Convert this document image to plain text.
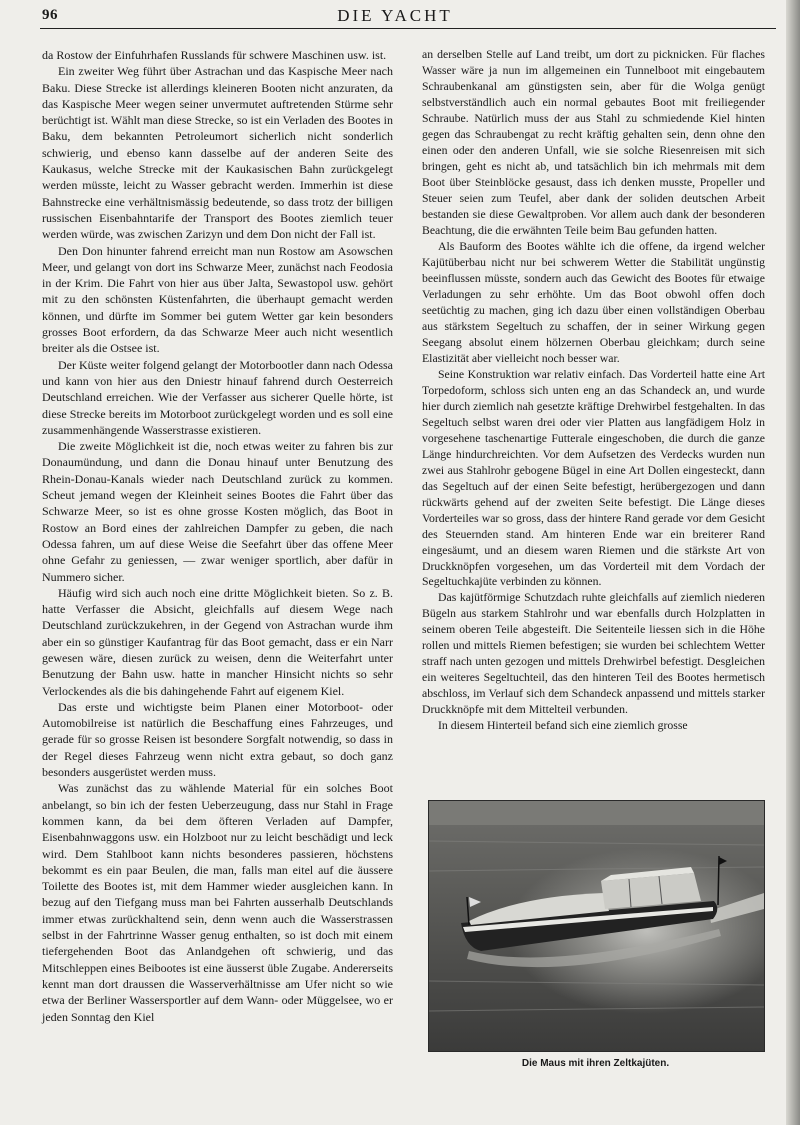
96	DIE YACHT

da Rostow der Einfuhrhafen Russlands für schwere Maschinen usw. ist.

Ein zweiter Weg führt über Astrachan und das Kaspische Meer nach Baku. Diese Strecke ist allerdings kleineren Booten nicht anzuraten, da das Kaspische Meer wegen seiner unvermutet auftretenden Stürme sehr berüchtigt ist. Wählt man diese Strecke, so ist ein Verladen des Bootes in Baku, dem bekannten Petroleumort sicherlich nicht sonderlich schwierig, und ebenso kann dasselbe auf der anderen Seite des Kaukasus, welche Strecke mit der Kaukasischen Bahn zurückgelegt werden müsste, leicht zu Wasser gebracht werden. Immerhin ist diese Bahnstrecke eine verhältnismässig bedeutende, so dass trotz der billigen russischen Eisenbahntarife der Transport des Bootes ziemlich teuer werden würde, was zwischen Zarizyn und dem Don nicht der Fall ist.

Den Don hinunter fahrend erreicht man nun Rostow am Asowschen Meer, und gelangt von dort ins Schwarze Meer, zunächst nach Feodosia in der Krim. Die Fahrt von hier aus über Jalta, Sewastopol usw. gehört mit zu den schönsten Küstenfahrten, die überhaupt gemacht werden können, und dürfte im Sommer bei gutem Wetter gar kein besonders grosses Boot erfordern, da das Schwarze Meer auch nicht wesentlich breiter als die Ostsee ist.

Der Küste weiter folgend gelangt der Motorbootler dann nach Odessa und kann von hier aus den Dniestr hinauf fahrend durch Oesterreich Deutschland erreichen. Wie der Verfasser aus sicherer Quelle hörte, ist diese Strecke bereits im Motorboot zurückgelegt worden und es soll eine zusammenhängende Wasserstrasse existieren.

Die zweite Möglichkeit ist die, noch etwas weiter zu fahren bis zur Donaumündung, und dann die Donau hinauf unter Benutzung des Rhein-Donau-Kanals wieder nach Deutschland zurück zu kommen. Scheut jemand wegen der Kleinheit seines Bootes die Fahrt über das Schwarze Meer, so ist es ohne grosse Kosten möglich, das Boot in Rostow an Bord eines der zahlreichen Dampfer zu geben, die nach Odessa fahren, um auf diese Weise die Seefahrt über das offene Meer ohne Gefahr zu geniessen, — zwar weniger sportlich, aber dafür in Nummero sicher.

Häufig wird sich auch noch eine dritte Möglichkeit bieten. So z. B. hatte Verfasser die Absicht, gleichfalls auf diesem Wege nach Deutschland zurückzukehren, in der Gegend von Astrachan wurde ihm aber ein so günstiger Kaufantrag für das Boot gemacht, dass er ein Narr gewesen wäre, diesen zurück zu weisen, denn die Weiterfahrt unter Benutzung der Bahn usw. hatte in mancher Hinsicht nichts so sehr Verlockendes als die bis dahingehende Fahrt auf eigenem Kiel.

Das erste und wichtigste beim Planen einer Motorboot- oder Automobilreise ist natürlich die Beschaffung eines Fahrzeuges, und gerade für so grosse Reisen ist besondere Sorgfalt notwendig, so dass in der Regel dieses Fahrzeug wenn nicht extra gebaut, so doch ganz besonders ausgerüstet werden muss.

Was zunächst das zu wählende Material für ein solches Boot anbelangt, so bin ich der festen Ueberzeugung, dass nur Stahl in Frage kommen kann, da bei dem öfteren Verladen auf Dampfer, Eisenbahnwaggons usw. ein Holzboot nur zu leicht beschädigt und leck wird. Dem Stahlboot kann nichts besonderes passieren, höchstens bekommt es ein paar Beulen, die man, falls man eitel auf die äussere Toilette des Bootes ist, mit dem Hammer wieder ausgleichen kann. In bezug auf den Tiefgang muss man bei Fahrten ausserhalb Deutschlands immer etwas zurückhaltend sein, denn wenn auch die Wasserstrassen selbst in der Fahrtrinne Wasser genug enthalten, so ist doch mit einem tiefergehenden Boot das Anlandgehen oft schwierig, und das Mitschleppen eines Beibootes ist eine äusserst üble Zugabe. Andererseits kennt man dort draussen die Wasserverhältnisse am Ufer nicht so wie etwa der Berliner Wassersportler auf dem Wann- oder Müggelsee, wo er jeden Sonntag den Kiel

an derselben Stelle auf Land treibt, um dort zu picknicken. Für flaches Wasser wäre ja nun im allgemeinen ein Tunnelboot mit eingebautem Schraubenkanal am günstigsten sein, aber für die Wolga genügt selbstverständlich auch ein normal gebautes Boot mit freiliegender Schraube. Natürlich muss der aus Stahl zu schmiedende Kiel hinten gegen das Schraubengat zu recht kräftig gehalten sein, denn ohne den einen oder den anderen Unfall, wie sie solche Riesenreisen mit sich bringen, geht es nicht ab, und tatsächlich bin ich mehrmals mit dem Boot über Steinblöcke gesaust, dass ich denken musste, Propeller und Steuer seien zum Teufel, aber dank der soliden deutschen Arbeit bestanden sie diese Gewaltproben. Vor allem auch dank der besonderen Beachtung, die die erwähnten Teile beim Bau gefunden hatten.

Als Bauform des Bootes wählte ich die offene, da irgend welcher Kajütüberbau nicht nur bei schwerem Wetter die Stabilität ungünstig beeinflussen müsste, sondern auch das Gewicht des Bootes für etwaige Verladungen zu sehr erhöhte. Um das Boot obwohl offen doch seetüchtig zu machen, ging ich dazu über einen vollständigen Oberbau aus stärkstem Segeltuch zu schaffen, der in seiner Wirkung gegen Seegang absolut einem hölzernen Oberbau gleichkam; durch seine Elastizität aber vielleicht noch besser war.

Seine Konstruktion war relativ einfach. Das Vorderteil hatte eine Art Torpedoform, schloss sich unten eng an das Schandeck an, und wurde hier durch ziemlich nah gesetzte kräftige Drehwirbel festgehalten. In das Segeltuch selbst waren drei oder vier Platten aus langfädigem Holz in vorgesehene taschenartige Futterale eingeschoben, die durch die ganze Länge hindurchreichten. Vor dem Aufsetzen des Verdecks wurden nun zwei aus Stahlrohr gebogene Bügel in eine Art Dollen eingesteckt, dann das Segeltuch auf der einen Seite befestigt, herübergezogen und dann rückwärts gehend auf der zweiten Seite befestigt. Die Länge dieses Vorderteiles war so gross, dass der hintere Rand gerade vor dem Gesicht des Steuernden stand. Am hinteren Ende war ein breiterer Rand eingesäumt, und an diesem waren Riemen und die stärkste Art von Druckknöpfen vorgesehen, um das Vorderteil mit dem Vordach der Segeltuchkajüte verbinden zu können.

Das kajütförmige Schutzdach ruhte gleichfalls auf ziemlich niederen Bügeln aus starkem Stahlrohr und war ebenfalls durch Holzplatten in seinem oberen Teile abgesteift. Die Seitenteile liessen sich in die Höhe rollen und mittels Riemen befestigen; sie wurden bei schlechtem Wetter straff nach unten gezogen und mittels Drehwirbel befestigt. Desgleichen ein weiteres Segeltuchteil, das den hinteren Teil des Bootes hermetisch abschloss, im Verlauf sich dem Schandeck anpassend und mittels starker Druckknöpfe mit dem Mittelteil verbunden.

In diesem Hinterteil befand sich eine ziemlich grosse

Die Maus mit ihren Zeltkajüten.
